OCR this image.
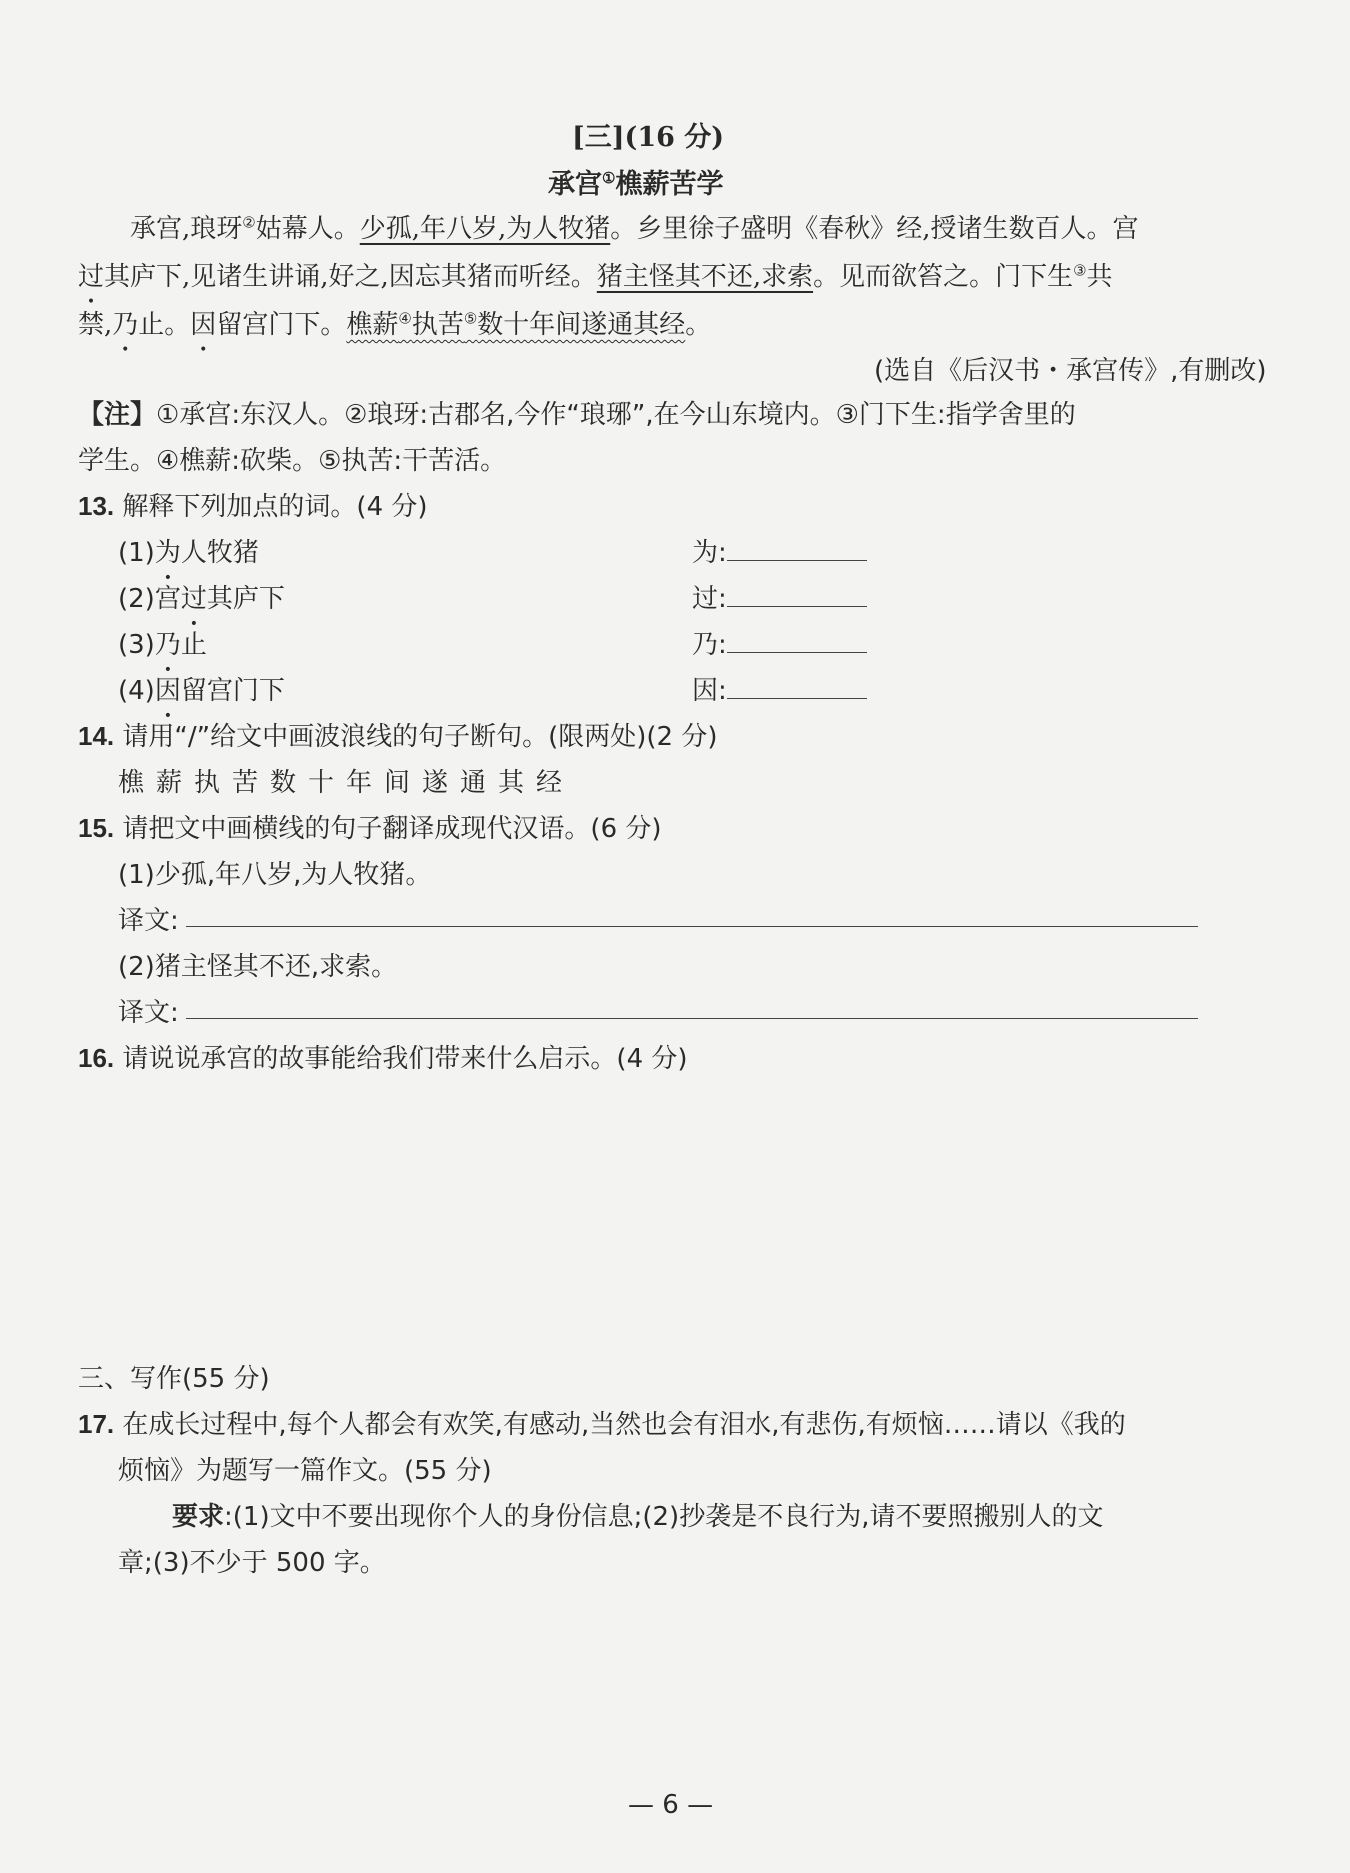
[三](16 分)
承宫①樵薪苦学
承宫,琅玡②姑幕人。少孤,年八岁,为人牧猪。乡里徐子盛明《春秋》经,授诸生数百人。宫
过其庐下,见诸生讲诵,好之,因忘其猪而听经。猪主怪其不还,求索。见而欲笞之。门下生③共
禁,乃止。因留宫门下。樵薪④执苦⑤数十年间遂通其经。
(选自《后汉书・承宫传》,有删改)
【注】①承宫:东汉人。②琅玡:古郡名,今作“琅琊”,在今山东境内。③门下生:指学舍里的
学生。④樵薪:砍柴。⑤执苦:干苦活。
13. 解释下列加点的词。(4 分)
(1)为人牧猪	为:
(2)宫过其庐下	过:
(3)乃止	乃:
(4)因留宫门下	因:
14. 请用“/”给文中画波浪线的句子断句。(限两处)(2 分)
樵薪执苦数十年间遂通其经
15. 请把文中画横线的句子翻译成现代汉语。(6 分)
(1)少孤,年八岁,为人牧猪。
译文:
(2)猪主怪其不还,求索。
译文:
16. 请说说承宫的故事能给我们带来什么启示。(4 分)
三、写作(55 分)
17. 在成长过程中,每个人都会有欢笑,有感动,当然也会有泪水,有悲伤,有烦恼……请以《我的
烦恼》为题写一篇作文。(55 分)
要求:(1)文中不要出现你个人的身份信息;(2)抄袭是不良行为,请不要照搬别人的文
章;(3)不少于 500 字。
— 6 —
